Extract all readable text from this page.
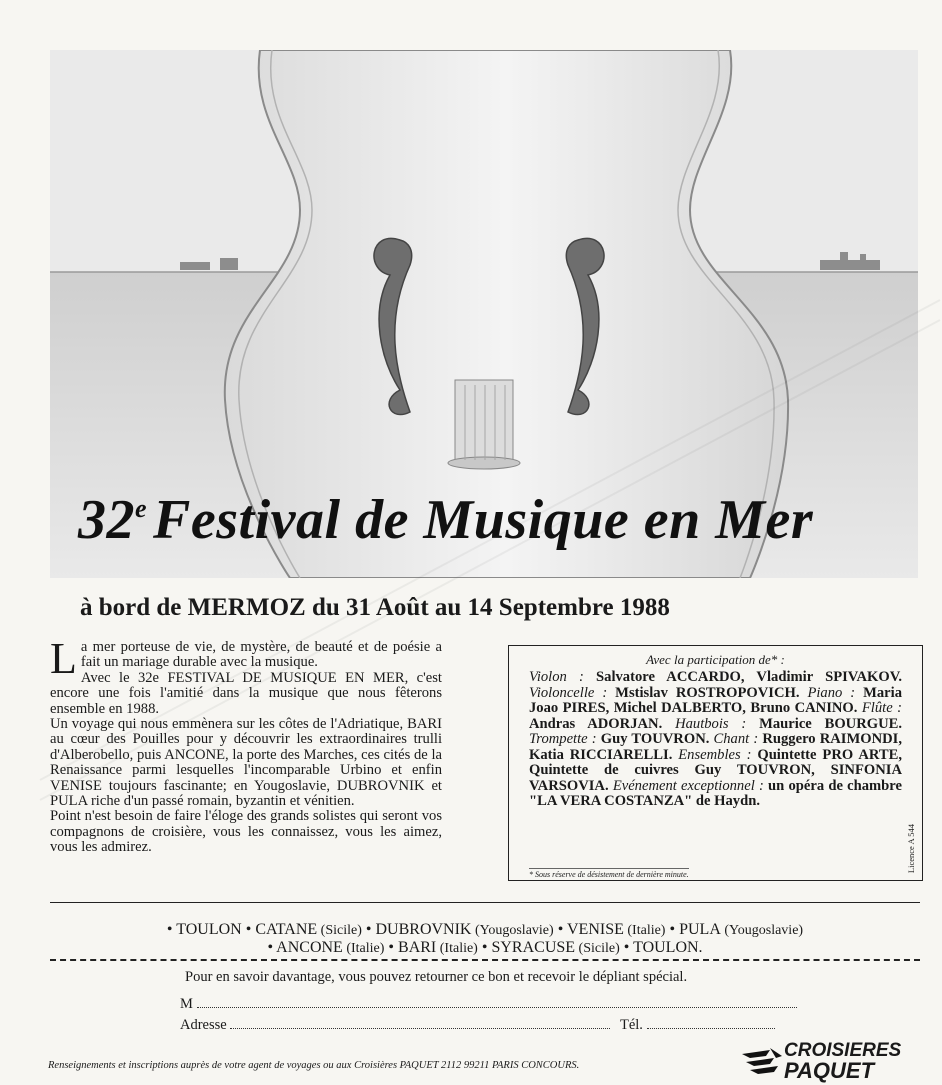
32e Festival de Musique en Mer
à bord de MERMOZ du 31 Août au 14 Septembre 1988
L a mer porteuse de vie, de mystère, de beauté et de poésie a fait un mariage durable avec la musique.

Avec le 32e FESTIVAL DE MUSIQUE EN MER, c'est encore une fois l'amitié dans la musique que nous fêterons ensemble en 1988.

Un voyage qui nous emmènera sur les côtes de l'Adriatique, BARI au cœur des Pouilles pour y découvrir les extraordinaires trulli d'Alberobello, puis ANCONE, la porte des Marches, ces cités de la Renaissance parmi lesquelles l'incomparable Urbino et enfin VENISE toujours fascinante; en Yougoslavie, DUBROVNIK et PULA riche d'un passé romain, byzantin et vénitien.

Point n'est besoin de faire l'éloge des grands solistes qui seront vos compagnons de croisière, vous les connaissez, vous les aimez, vous les admirez.

Avec la participation de* :
Violon : Salvatore ACCARDO, Vladimir SPIVAKOV. Violoncelle : Mstislav ROSTROPOVICH. Piano : Maria Joao PIRES, Michel DALBERTO, Bruno CANINO. Flûte : Andras ADORJAN. Hautbois : Maurice BOURGUE. Trompette : Guy TOUVRON. Chant : Ruggero RAIMONDI, Katia RICCIARELLI. Ensembles : Quintette PRO ARTE, Quintette de cuivres Guy TOUVRON, SINFONIA VARSOVIA. Evénement exceptionnel : un opéra de chambre "LA VERA COSTANZA" de Haydn.
* Sous réserve de désistement de dernière minute.
Licence A 544
• TOULON • CATANE (Sicile) • DUBROVNIK (Yougoslavie) • VENISE (Italie) • PULA (Yougoslavie)
• ANCONE (Italie) • BARI (Italie) • SYRACUSE (Sicile) • TOULON.
Pour en savoir davantage, vous pouvez retourner ce bon et recevoir le dépliant spécial.
M
Adresse	Tél.
Renseignements et inscriptions auprès de votre agent de voyages ou aux Croisières PAQUET 2112 99211 PARIS CONCOURS.
CROISIERES
PAQUET
